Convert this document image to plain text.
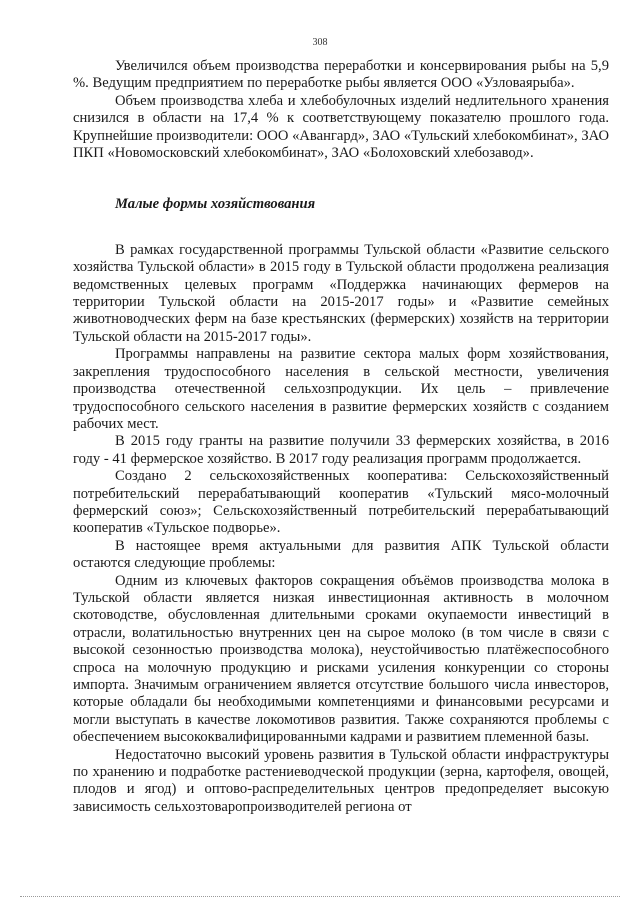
308

Увеличился объем производства переработки и консервирования рыбы на 5,9 %. Ведущим предприятием по переработке рыбы является ООО «Узловаярыба».

Объем производства хлеба и хлебобулочных изделий недлительного хранения снизился в области на 17,4 % к соответствующему показателю прошлого года. Крупнейшие производители: ООО «Авангард», ЗАО «Тульский хлебокомбинат», ЗАО ПКП «Новомосковский хлебокомбинат», ЗАО «Болоховский хлебозавод».

Малые формы хозяйствования

В рамках государственной программы Тульской области «Развитие сельского хозяйства Тульской области» в 2015 году в Тульской области продолжена реализация ведомственных целевых программ «Поддержка начинающих фермеров на территории Тульской области на 2015-2017 годы» и «Развитие семейных животноводческих ферм на базе крестьянских (фермерских) хозяйств на территории Тульской области на 2015-2017 годы».

Программы направлены на развитие сектора малых форм хозяйствования, закрепления трудоспособного населения в сельской местности, увеличения производства отечественной сельхозпродукции. Их цель – привлечение трудоспособного сельского населения в развитие фермерских хозяйств с созданием рабочих мест.

В 2015 году гранты на развитие получили 33 фермерских хозяйства, в 2016 году - 41 фермерское хозяйство. В 2017 году реализация программ продолжается.

Создано 2 сельскохозяйственных кооператива: Сельскохозяйственный потребительский перерабатывающий кооператив «Тульский мясо-молочный фермерский союз»; Сельскохозяйственный потребительский перерабатывающий кооператив «Тульское подворье».

В настоящее время актуальными для развития АПК Тульской области остаются следующие проблемы:

Одним из ключевых факторов сокращения объёмов производства молока в Тульской области является низкая инвестиционная активность в молочном скотоводстве, обусловленная длительными сроками окупаемости инвестиций в отрасли, волатильностью внутренних цен на сырое молоко (в том числе в связи с высокой сезонностью производства молока), неустойчивостью платёжеспособного спроса на молочную продукцию и рисками усиления конкуренции со стороны импорта. Значимым ограничением является отсутствие большого числа инвесторов, которые обладали бы необходимыми компетенциями и финансовыми ресурсами и могли выступать в качестве локомотивов развития. Также сохраняются проблемы с обеспечением высококвалифицированными кадрами и развитием племенной базы.

Недостаточно высокий уровень развития в Тульской области инфраструктуры по хранению и подработке растениеводческой продукции (зерна, картофеля, овощей, плодов и ягод) и оптово-распределительных центров предопределяет высокую зависимость сельхозтоваропроизводителей региона от
